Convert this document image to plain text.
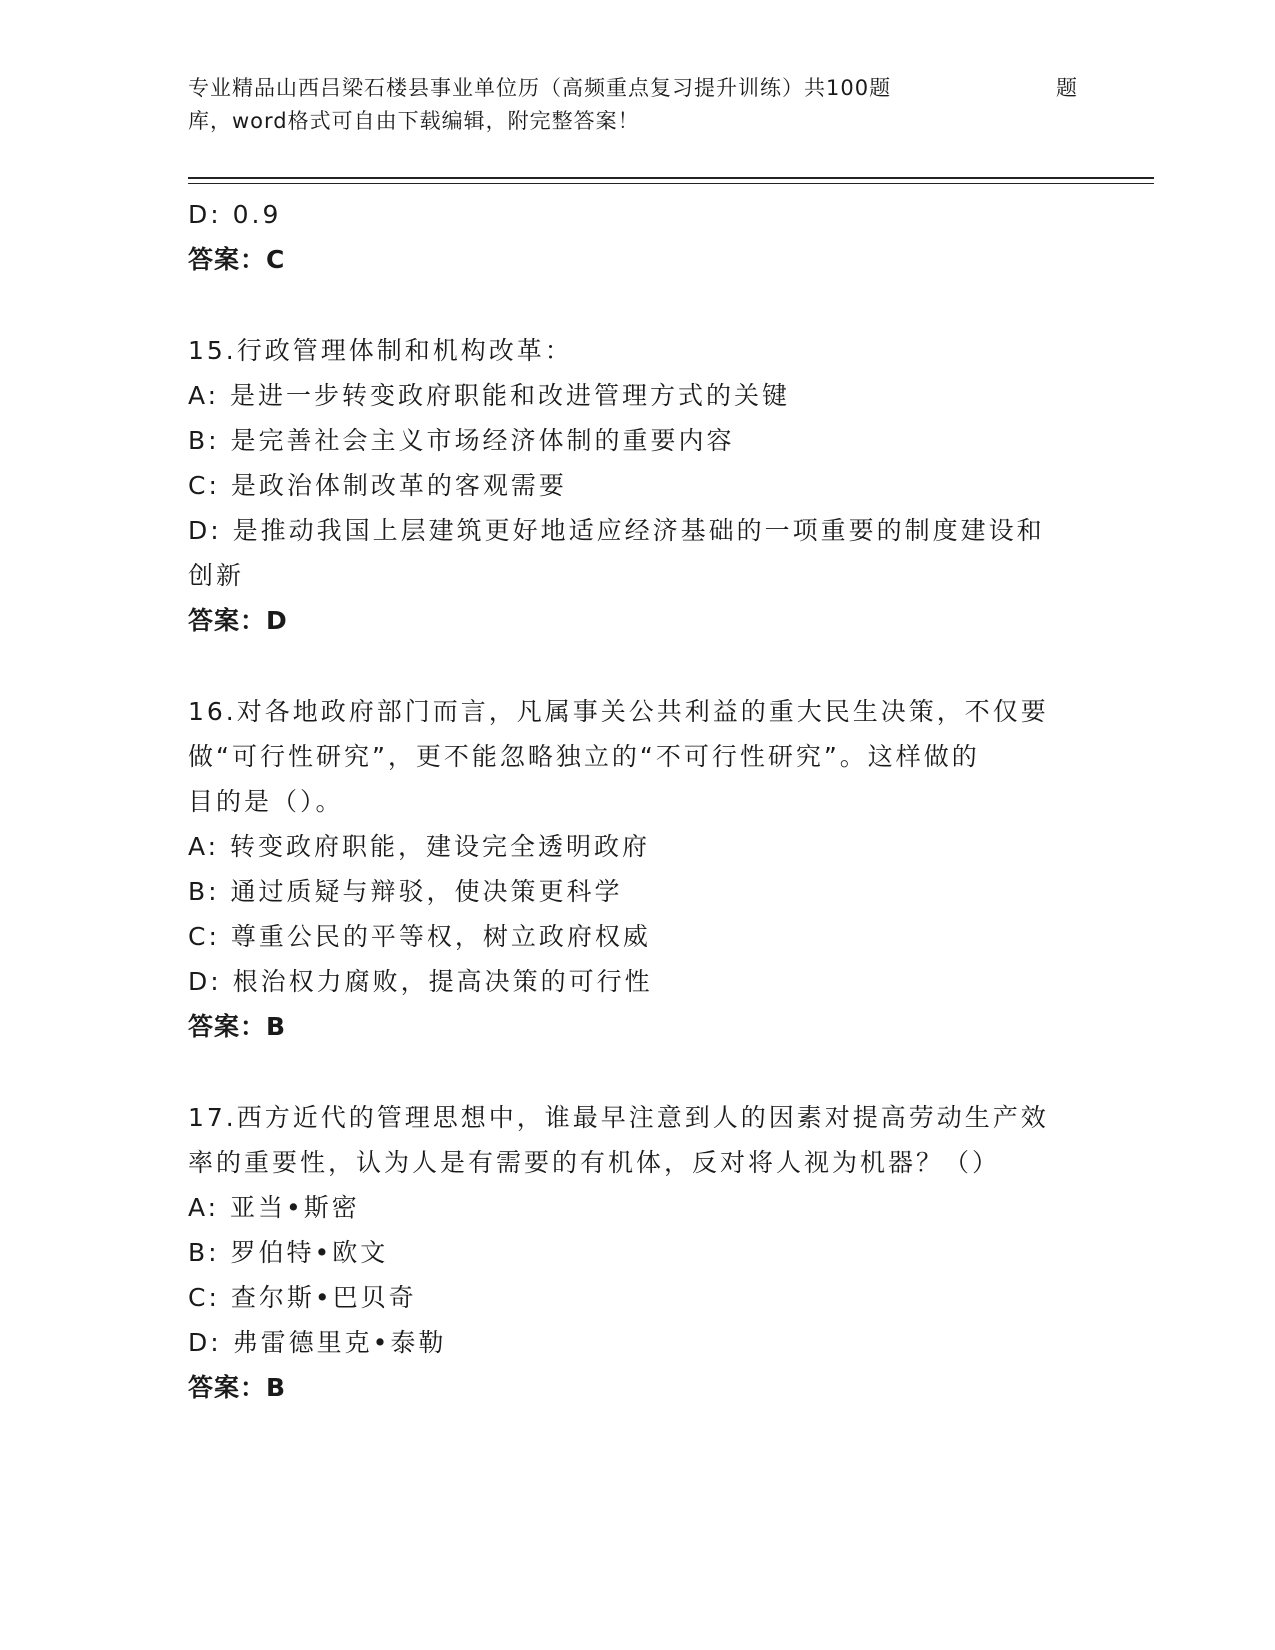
专业精品山西吕梁石楼县事业单位历（高频重点复习提升训练）共100题	题
库，word格式可自由下载编辑，附完整答案！
D: 0.9
答案：C
15.行政管理体制和机构改革：
A: 是进一步转变政府职能和改进管理方式的关键
B: 是完善社会主义市场经济体制的重要内容
C: 是政治体制改革的客观需要
D: 是推动我国上层建筑更好地适应经济基础的一项重要的制度建设和
创新
答案：D
16.对各地政府部门而言，凡属事关公共利益的重大民生决策，不仅要
做“可行性研究”，更不能忽略独立的“不可行性研究”。这样做的
目的是（）。
A: 转变政府职能，建设完全透明政府
B: 通过质疑与辩驳，使决策更科学
C: 尊重公民的平等权，树立政府权威
D: 根治权力腐败，提高决策的可行性
答案：B
17.西方近代的管理思想中，谁最早注意到人的因素对提高劳动生产效
率的重要性，认为人是有需要的有机体，反对将人视为机器？（）
A: 亚当•斯密
B: 罗伯特•欧文
C: 查尔斯•巴贝奇
D: 弗雷德里克•泰勒
答案：B
